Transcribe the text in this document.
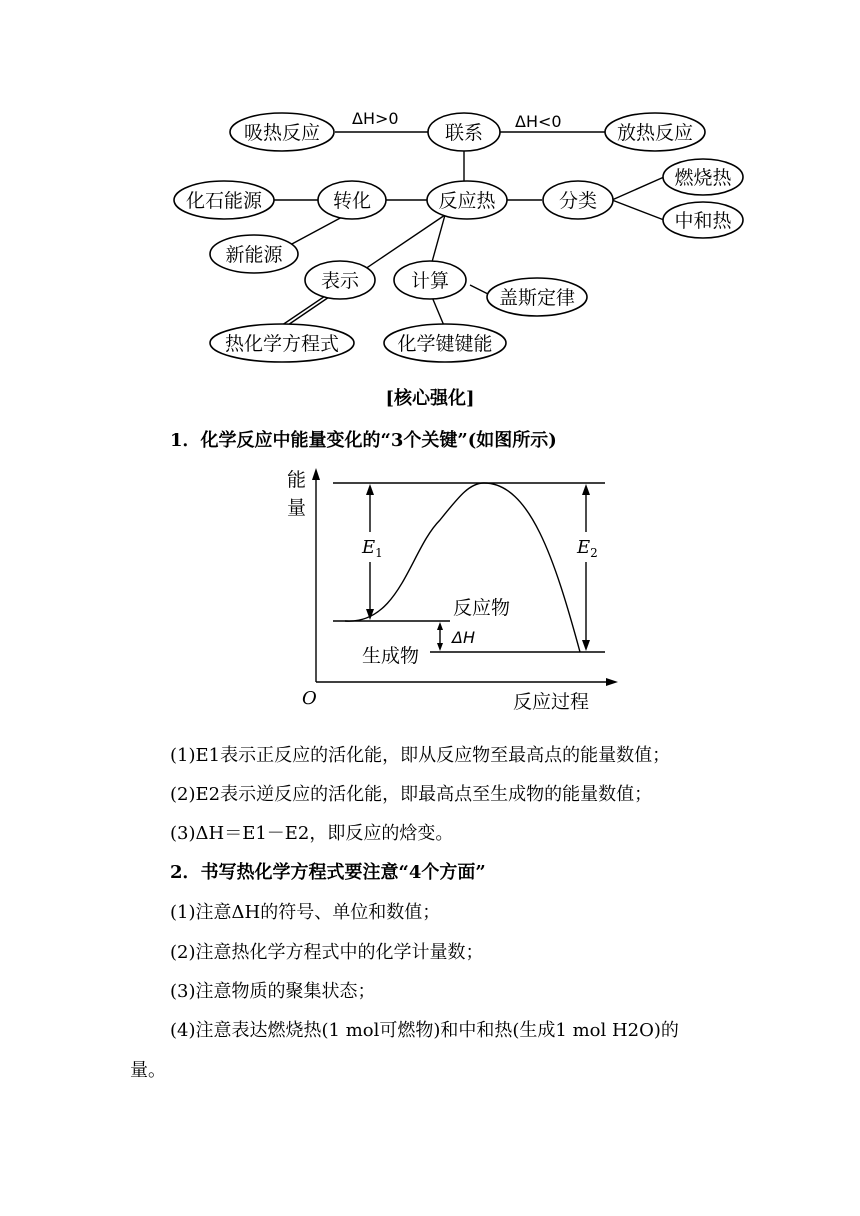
ΔH>0	ΔH<0
吸热反应	联系	放热反应
化石能源	转化	反应热	分类
燃烧热
中和热
新能源
表示	计算
盖斯定律
热化学方程式	化学键键能
能
量
$E_1$	$E_2$
反应物
ΔH
生成物
O	反应过程
[核心强化]
1．化学反应中能量变化的“3个关键”(如图所示)
(1)E1表示正反应的活化能，即从反应物至最高点的能量数值；
(2)E2表示逆反应的活化能，即最高点至生成物的能量数值；
(3)ΔH＝E1－E2，即反应的焓变。
2．书写热化学方程式要注意“4个方面”
(1)注意ΔH的符号、单位和数值；
(2)注意热化学方程式中的化学计量数；
(3)注意物质的聚集状态；
(4)注意表达燃烧热(1 mol可燃物)和中和热(生成1 mol H2O)的
量。
